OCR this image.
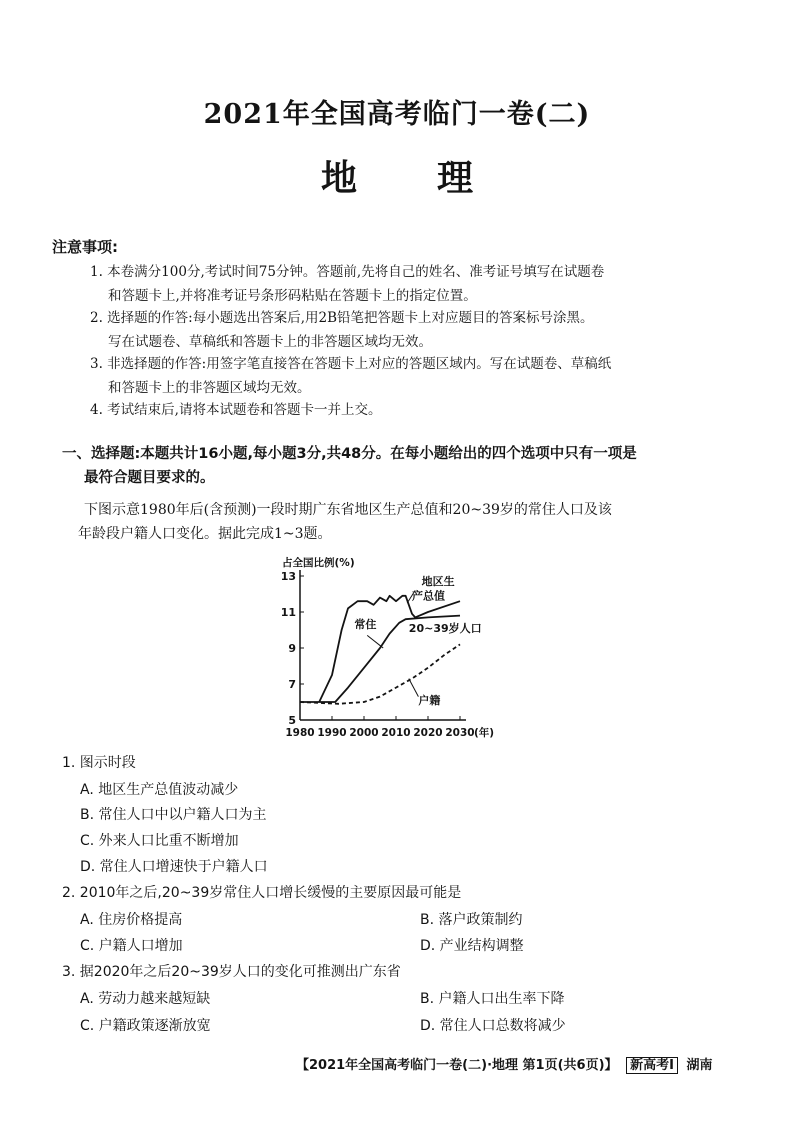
2021年全国高考临门一卷(二)
地 理
注意事项:
1. 本卷满分100分,考试时间75分钟。答题前,先将自己的姓名、准考证号填写在试题卷
和答题卡上,并将准考证号条形码粘贴在答题卡上的指定位置。
2. 选择题的作答:每小题选出答案后,用2B铅笔把答题卡上对应题目的答案标号涂黑。
写在试题卷、草稿纸和答题卡上的非答题区域均无效。
3. 非选择题的作答:用签字笔直接答在答题卡上对应的答题区域内。写在试题卷、草稿纸
和答题卡上的非答题区域均无效。
4. 考试结束后,请将本试题卷和答题卡一并上交。
一、选择题:本题共计16小题,每小题3分,共48分。在每小题给出的四个选项中只有一项是
最符合题目要求的。
下图示意1980年后(含预测)一段时期广东省地区生产总值和20~39岁的常住人口及该
年龄段户籍人口变化。据此完成1~3题。
5
7
9
11
13
1980 1990 2000 2010 2020 2030 (年)
占全国比例(%)
地区生
产总值
常住	20~39岁人口
户籍
1. 图示时段
A. 地区生产总值波动减少
B. 常住人口中以户籍人口为主
C. 外来人口比重不断增加
D. 常住人口增速快于户籍人口
2. 2010年之后,20~39岁常住人口增长缓慢的主要原因最可能是
A. 住房价格提高	B. 落户政策制约
C. 户籍人口增加	D. 产业结构调整
3. 据2020年之后20~39岁人口的变化可推测出广东省
A. 劳动力越来越短缺	B. 户籍人口出生率下降
C. 户籍政策逐渐放宽	D. 常住人口总数将减少
【2021年全国高考临门一卷(二)·地理 第1页(共6页)】 新高考Ⅰ 湖南
